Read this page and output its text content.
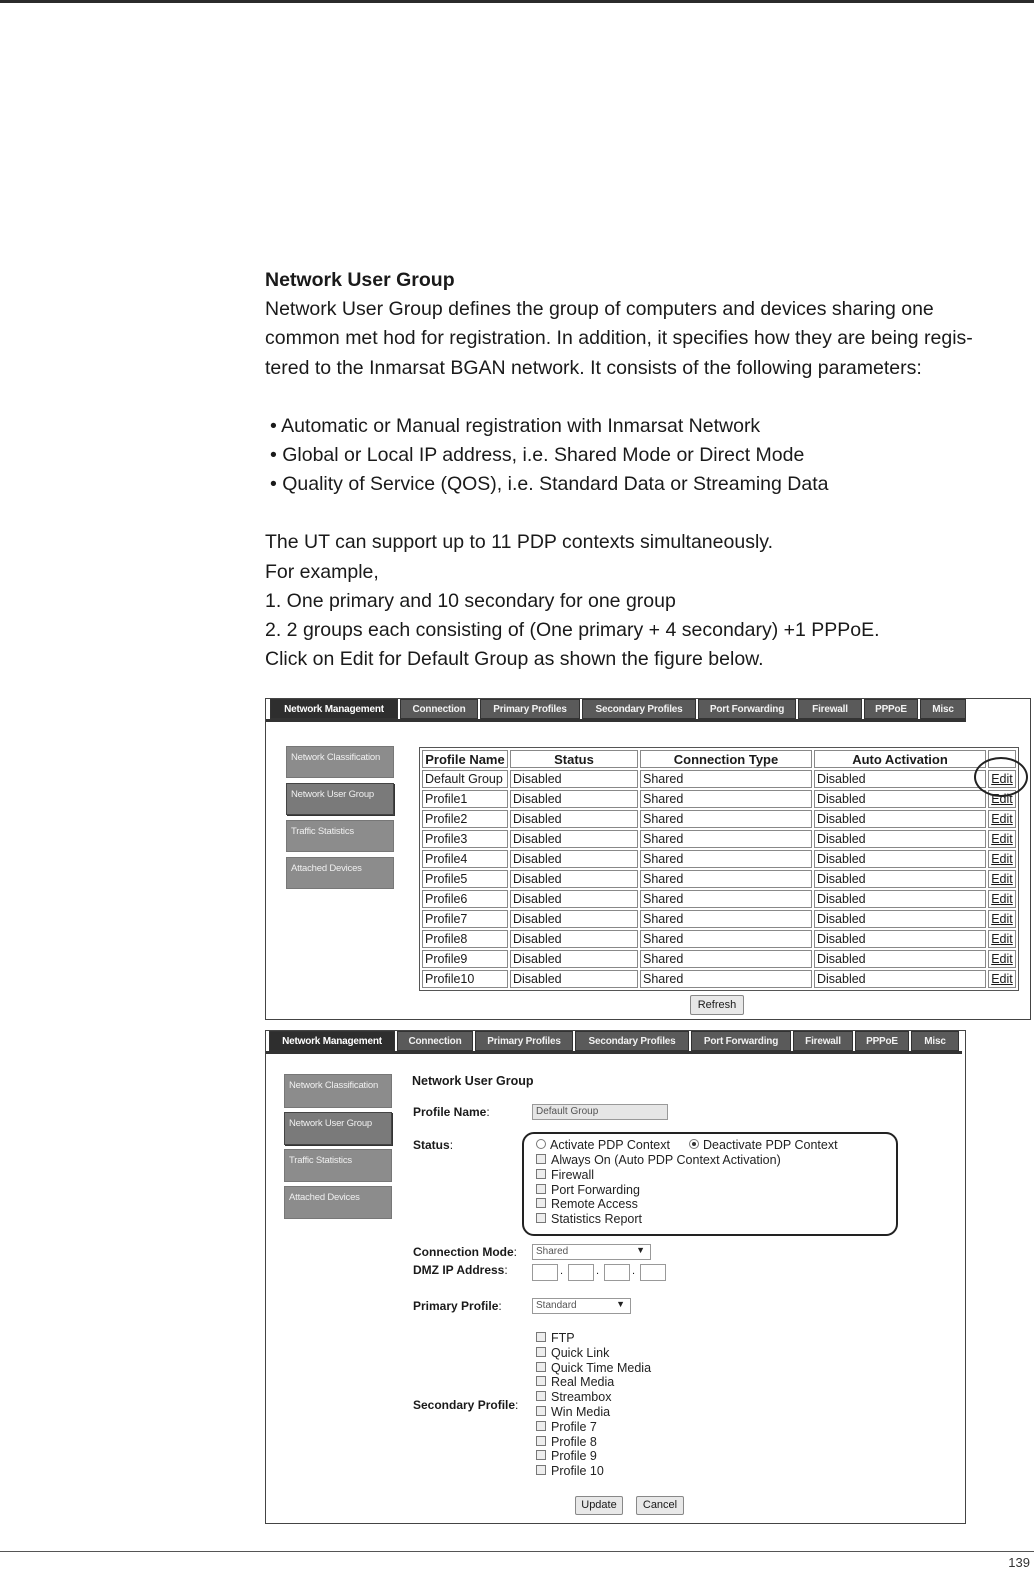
Network User Group

Network User Group defines the group of computers and devices sharing one

common met hod for registration. In addition, it specifies how they are being regis-

tered to the Inmarsat BGAN network. It consists of the following parameters:

• Automatic or Manual registration with Inmarsat Network

• Global or Local IP address, i.e. Shared Mode or Direct Mode

• Quality of Service (QOS), i.e. Standard Data or Streaming Data

The UT can support up to 11 PDP contexts simultaneously.

For example,

1. One primary and 10 secondary for one group

2. 2 groups each consisting of (One primary + 4 secondary) +1 PPPoE.

Click on Edit for Default Group as shown the figure below.

Network Management	Connection	Primary Profiles	Secondary Profiles	Port Forwarding	Firewall	PPPoE	Misc
Network Classification
Network User Group
Traffic Statistics
Attached Devices
Profile Name	Status	Connection Type	Auto Activation	
Default Group	Disabled	Shared	Disabled	Edit
Profile1	Disabled	Shared	Disabled	Edit
Profile2	Disabled	Shared	Disabled	Edit
Profile3	Disabled	Shared	Disabled	Edit
Profile4	Disabled	Shared	Disabled	Edit
Profile5	Disabled	Shared	Disabled	Edit
Profile6	Disabled	Shared	Disabled	Edit
Profile7	Disabled	Shared	Disabled	Edit
Profile8	Disabled	Shared	Disabled	Edit
Profile9	Disabled	Shared	Disabled	Edit
Profile10	Disabled	Shared	Disabled	Edit
Refresh
Network Management	Connection	Primary Profiles	Secondary Profiles	Port Forwarding	Firewall	PPPoE	Misc
Network Classification
Network User Group
Traffic Statistics
Attached Devices
Network User Group
Profile Name:	Default Group
Status:	Activate PDP Context	Deactivate PDP Context
Always On (Auto PDP Context Activation)
Firewall
Port Forwarding
Remote Access
Statistics Report
Connection Mode:	Shared	▼
DMZ IP Address:	.	.	.
Primary Profile:	Standard	▼
Secondary Profile:
FTP
Quick Link
Quick Time Media
Real Media
Streambox
Win Media
Profile 7
Profile 8
Profile 9
Profile 10
Update	Cancel
139
